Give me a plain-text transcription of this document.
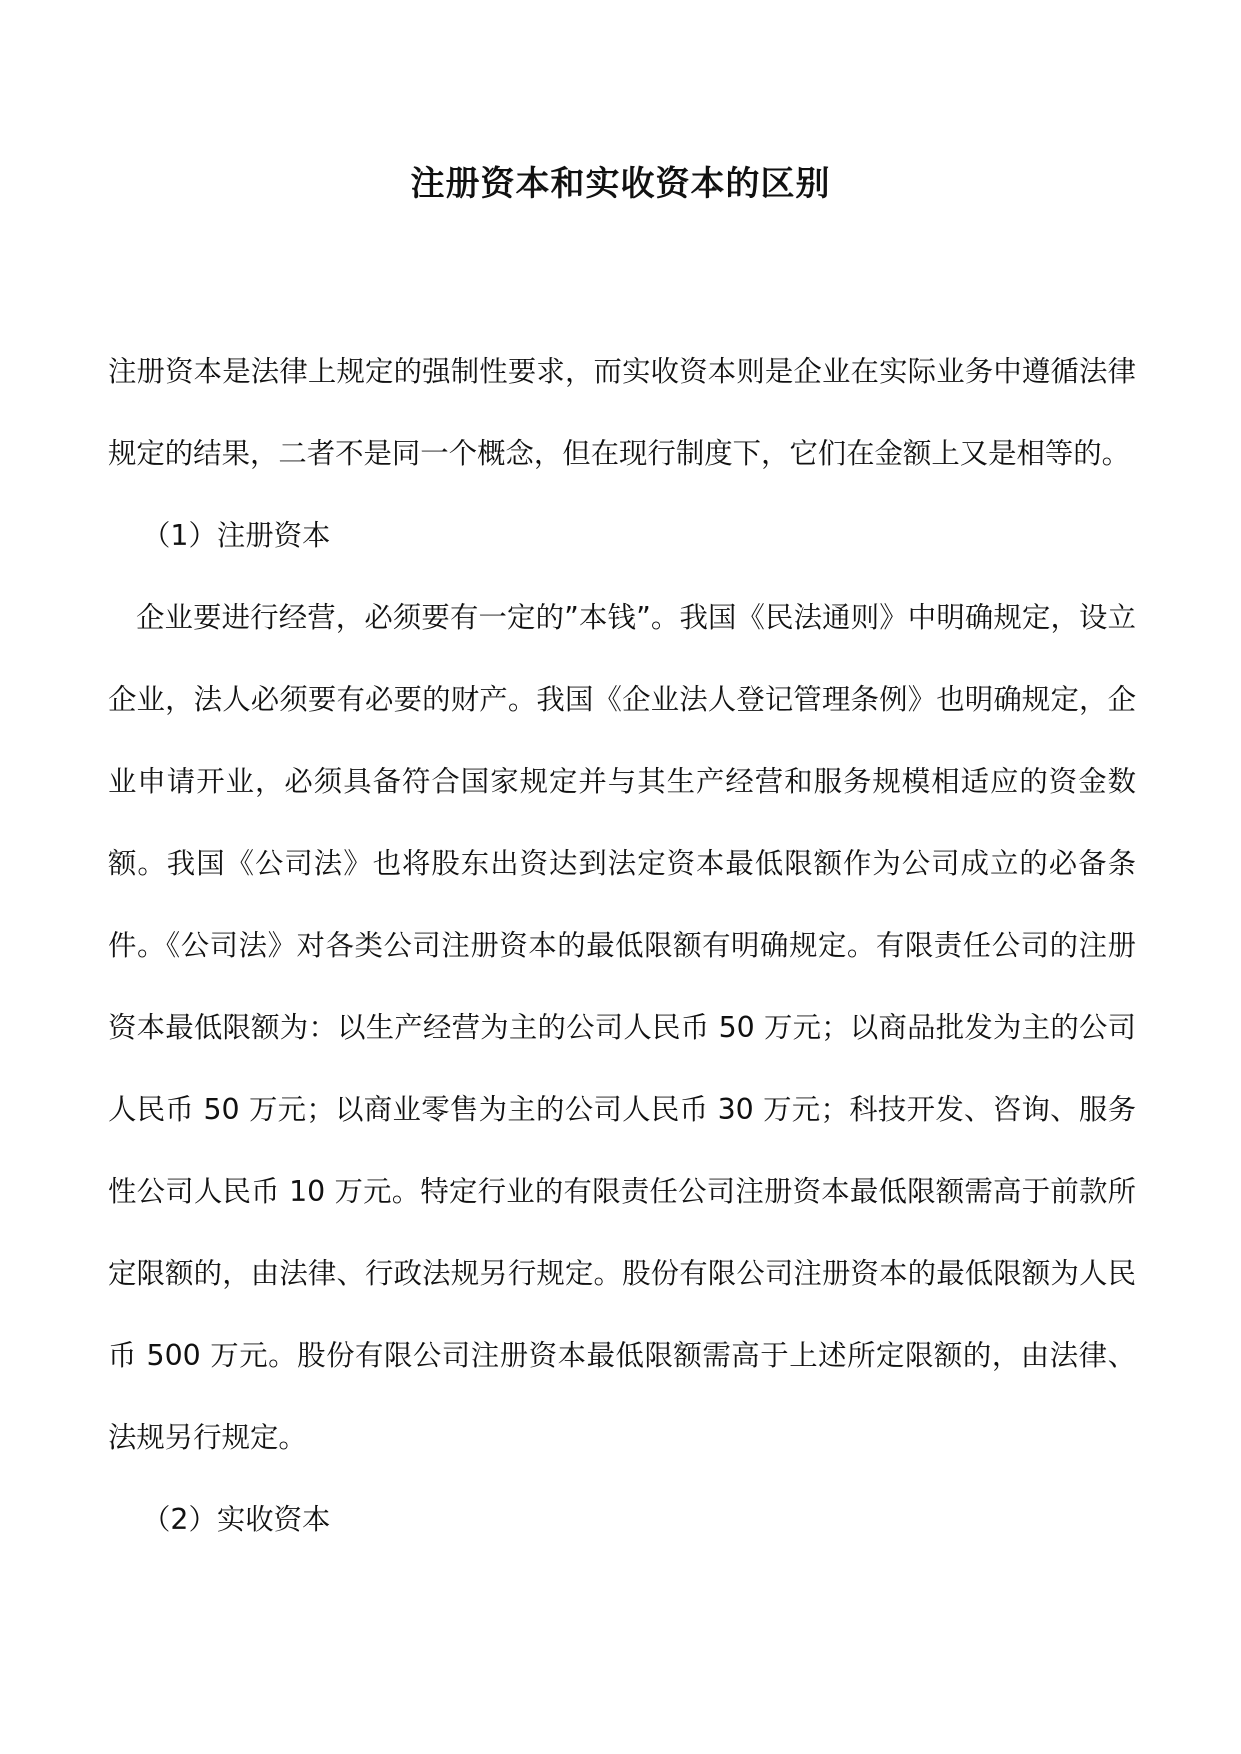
注册资本和实收资本的区别

注册资本是法律上规定的强制性要求，而实收资本则是企业在实际业务中遵循法律规定的结果，二者不是同一个概念，但在现行制度下，它们在金额上又是相等的。

（1）注册资本

企业要进行经营，必须要有一定的”本钱”。我国《民法通则》中明确规定，设立企业，法人必须要有必要的财产。我国《企业法人登记管理条例》也明确规定，企业申请开业，必须具备符合国家规定并与其生产经营和服务规模相适应的资金数额。我国《公司法》也将股东出资达到法定资本最低限额作为公司成立的必备条件。《公司法》对各类公司注册资本的最低限额有明确规定。有限责任公司的注册资本最低限额为：以生产经营为主的公司人民币 50 万元；以商品批发为主的公司人民币 50 万元；以商业零售为主的公司人民币 30 万元；科技开发、咨询、服务性公司人民币 10 万元。特定行业的有限责任公司注册资本最低限额需高于前款所定限额的，由法律、行政法规另行规定。股份有限公司注册资本的最低限额为人民币 500 万元。股份有限公司注册资本最低限额需高于上述所定限额的，由法律、法规另行规定。

（2）实收资本
